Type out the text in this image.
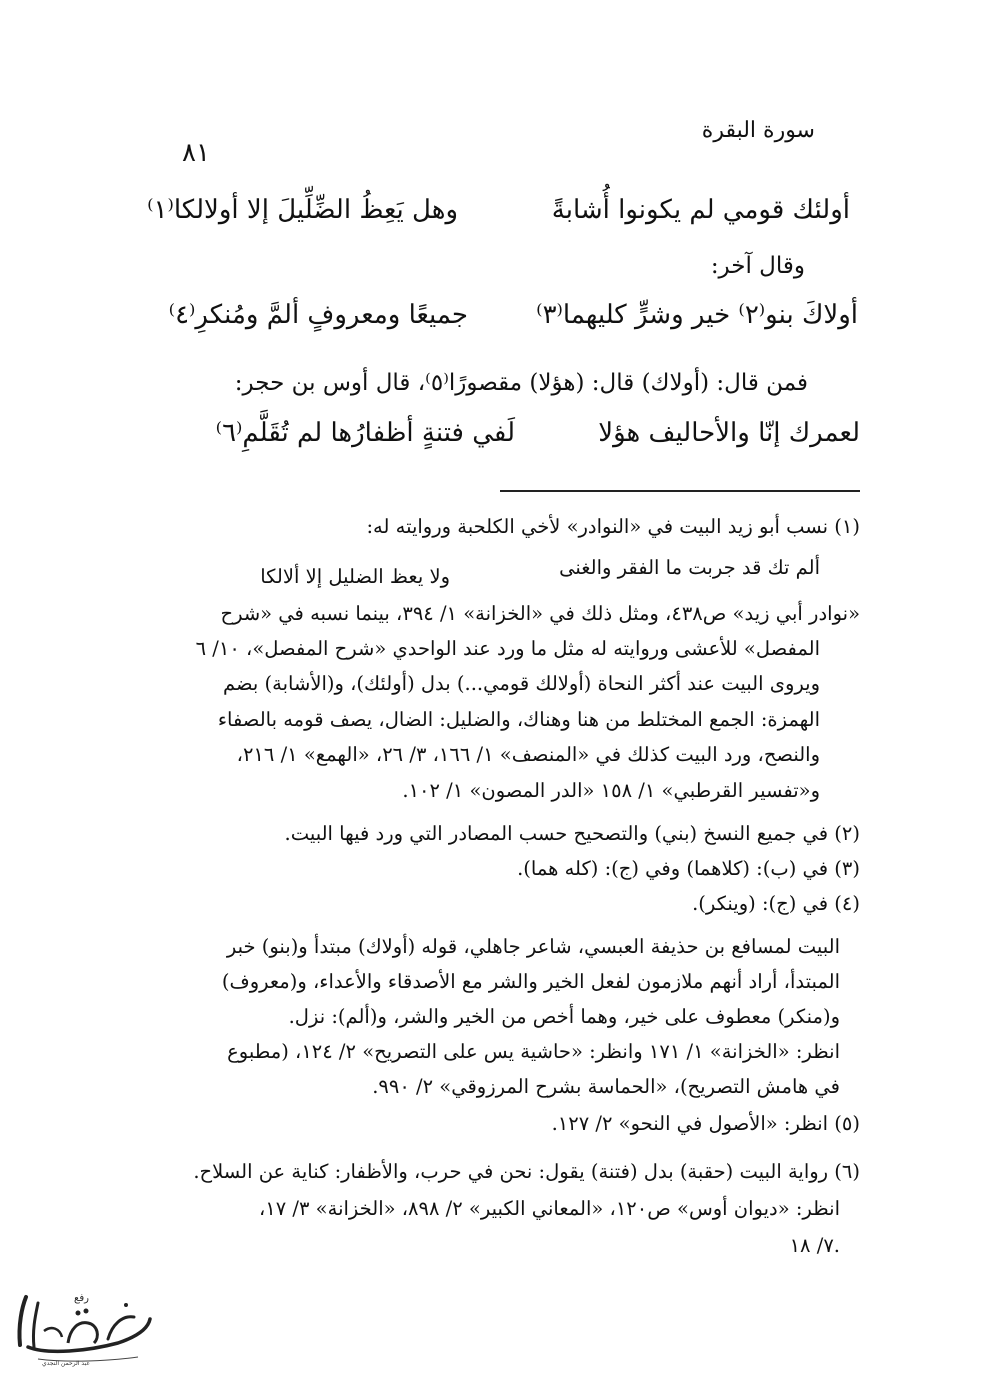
سورة البقرة
٨١
أولئك قومي لم يكونوا أُشابةً
وهل يَعِظُ الضِّلِّيلَ إلا أولالكا⁽١⁾
وقال آخر:
أولاكَ بنو⁽٢⁾ خير وشرٍّ كليهما⁽٣⁾
جميعًا ومعروفٍ ألمَّ ومُنكرِ⁽٤⁾
فمن قال: (أولاك) قال: (هؤلا) مقصورًا⁽٥⁾، قال أوس بن حجر:
لعمرك إنّا والأحاليف هؤلا
لَفي فتنةٍ أظفارُها لم تُقَلَّمِ⁽٦⁾
(١) نسب أبو زيد البيت في «النوادر» لأخي الكلحبة وروايته له:
ألم تك قد جربت ما الفقر والغنى
ولا يعظ الضليل إلا ألالكا
«نوادر أبي زيد» ص٤٣٨، ومثل ذلك في «الخزانة» ١/ ٣٩٤، بينما نسبه في «شرح
المفصل» للأعشى وروايته له مثل ما ورد عند الواحدي «شرح المفصل»، ١٠/ ٦
ويروى البيت عند أكثر النحاة (أولالك قومي...) بدل (أولئك)، و(الأشابة) بضم
الهمزة: الجمع المختلط من هنا وهناك، والضليل: الضال، يصف قومه بالصفاء
والنصح، ورد البيت كذلك في «المنصف» ١/ ١٦٦، ٣/ ٢٦، «الهمع» ١/ ٢١٦،
و«تفسير القرطبي» ١/ ١٥٨ «الدر المصون» ١/ ١٠٢.
(٢) في جميع النسخ (بني) والتصحيح حسب المصادر التي ورد فيها البيت.
(٣) في (ب): (كلاهما) وفي (ج): (كله هما).
(٤) في (ج): (وينكر).
البيت لمسافع بن حذيفة العبسي، شاعر جاهلي، قوله (أولاك) مبتدأ و(بنو) خبر
المبتدأ، أراد أنهم ملازمون لفعل الخير والشر مع الأصدقاء والأعداء، و(معروف)
و(منكر) معطوف على خير، وهما أخص من الخير والشر، و(ألم): نزل.
انظر: «الخزانة» ١/ ١٧١ وانظر: «حاشية يس على التصريح» ٢/ ١٢٤، (مطبوع
في هامش التصريح)، «الحماسة بشرح المرزوقي» ٢/ ٩٩٠.
(٥) انظر: «الأصول في النحو» ٢/ ١٢٧.
(٦) رواية البيت (حقبة) بدل (فتنة) يقول: نحن في حرب، والأظفار: كناية عن السلاح.
انظر: «ديوان أوس» ص١٢٠، «المعاني الكبير» ٢/ ٨٩٨، «الخزانة» ٣/ ١٧،
٧/ ١٨.
رفع
عبد الرحمن النجدي
